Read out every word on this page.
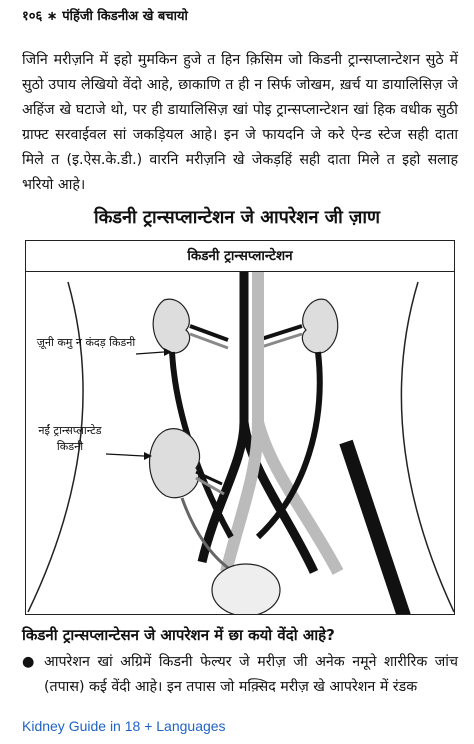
१०६ ∗ पंहिंजी किडनीअ खे बचायो

जिनि मरीज़नि में इहो मुमकिन हुजे त हिन क़िसिम जो किडनी ट्रान्सप्लान्टेशन सुठे में सुठो उपाय लेखियो वेंदो आहे, छाकाणि त ही न सिर्फ जोखम, ख़र्च या डायालिसिज़ जे अहिंज खे घटाजे थो, पर ही डायालिसिज़ खां पोइ ट्रान्सप्लान्टेशन खां हिक वधीक सुठी ग्राफ्ट सरवाईवल सां जकड़ियल आहे। इन जे फायदनि जे करे ऐन्ड स्टेज सही दाता मिले त (इ.ऐस.के.डी.) वारनि मरीज़नि खे जेकड़हिं सही दाता मिले त इहो सलाह भरियो आहे।

किडनी ट्रान्सप्लान्टेशन जे आपरेशन जी ज़ाण
किडनी ट्रान्सप्लान्टेशन
ज़ूनी कमु न कंदड़ किडनी
नईं ट्रान्सप्लान्टेड किडनी
किडनी ट्रान्सप्लान्टेसन जे आपरेशन में छा कयो वेंदो आहे?
● आपरेशन खां अग्रिमें किडनी फेल्यर जे मरीज़ जी अनेक नमूने शारीरिक जांच (तपास) कई वेंदी आहे। इन तपास जो मक़्सिद मरीज़ खे आपरेशन में रंडक
Kidney Guide in 18 + Languages
